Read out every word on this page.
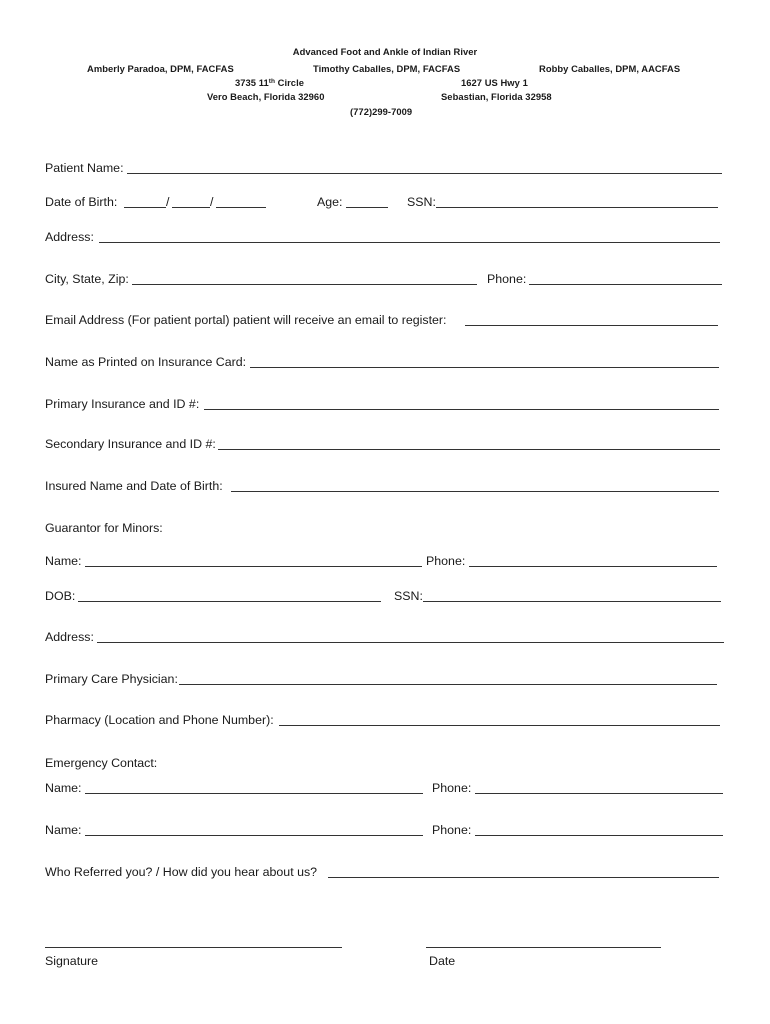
Advanced Foot and Ankle of Indian River
Amberly Paradoa, DPM, FACFAS	Timothy Caballes, DPM, FACFAS	Robby Caballes, DPM, AACFAS
3735 11th Circle	1627 US Hwy 1
Vero Beach, Florida 32960	Sebastian, Florida 32958
(772)299-7009
Patient Name:
Date of Birth:	/	/	Age:	SSN:
Address:
City, State, Zip:	Phone:
Email Address (For patient portal) patient will receive an email to register:
Name as Printed on Insurance Card:
Primary Insurance and ID #:
Secondary Insurance and ID #:
Insured Name and Date of Birth:
Guarantor for Minors:
Name:	Phone:
DOB:	SSN:
Address:
Primary Care Physician:
Pharmacy (Location and Phone Number):
Emergency Contact:
Name:	Phone:
Name:	Phone:
Who Referred you? / How did you hear about us?
Signature	Date
